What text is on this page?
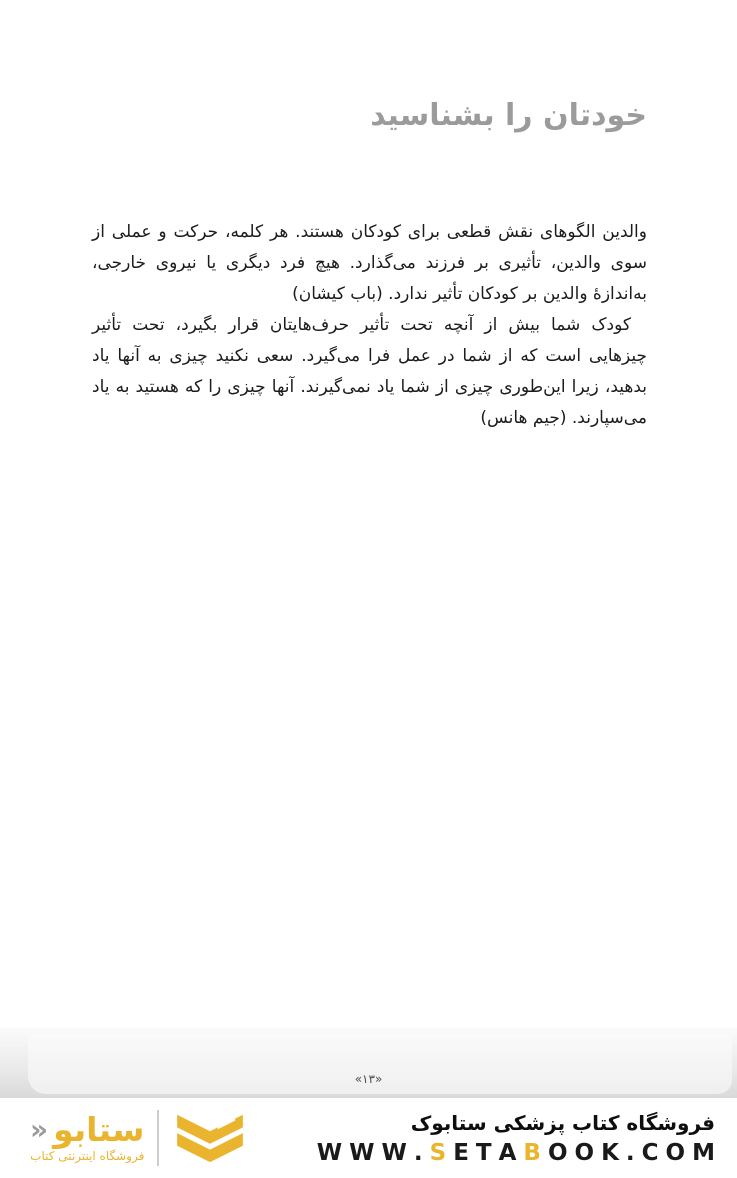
خودتان را بشناسید

والدین الگوهای نقش قطعی برای کودکان هستند. هر کلمه، حرکت و عملی از سوی والدین، تأثیری بر فرزند می‌گذارد. هیچ فرد دیگری یا نیروی خارجی، به‌اندازهٔ والدین بر کودکان تأثیر ندارد. (باب کیشان)

کودک شما بیش از آنچه تحت تأثیر حرف‌هایتان قرار بگیرد، تحت تأثیر چیزهایی است که از شما در عمل فرا می‌گیرد. سعی نکنید چیزی به آنها یاد بدهید، زیرا این‌طوری چیزی از شما یاد نمی‌گیرند. آنها چیزی را که هستید به یاد می‌سپارند. (جیم هانس)

«۱۳»
ستابو
«
فروشگاه اینترنتی کتاب
فروشگاه کتاب پزشکی ستابوک
W W W . S E T A B O O K . C O M
